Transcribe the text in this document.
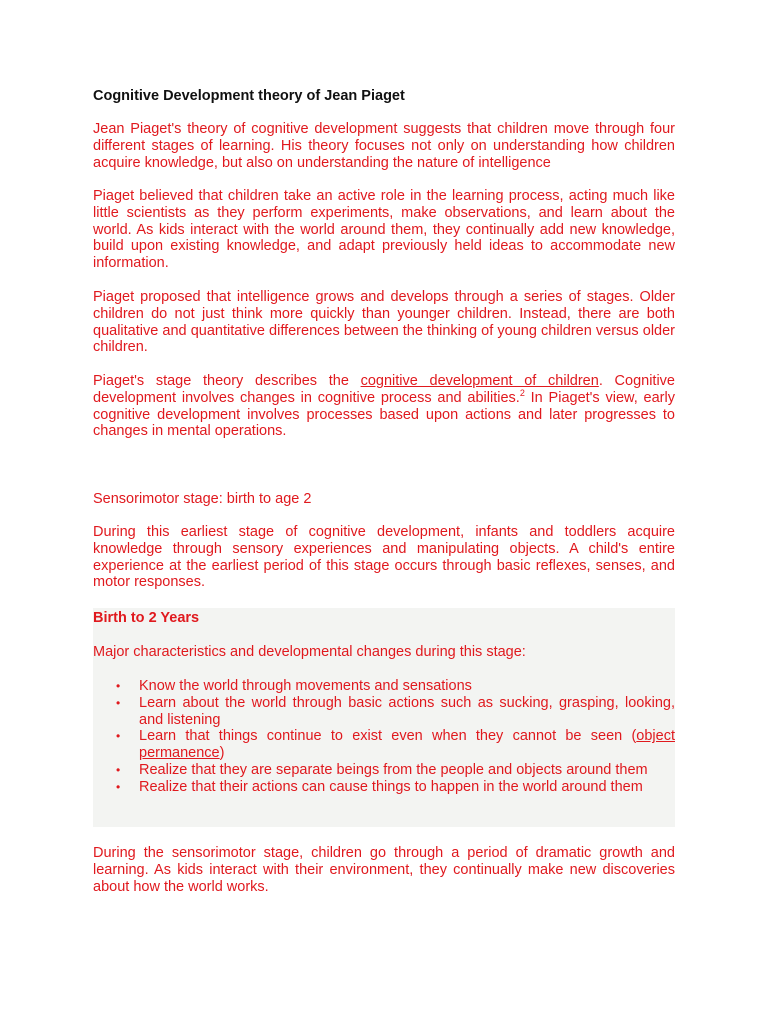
Cognitive Development theory of Jean Piaget

Jean Piaget's theory of cognitive development suggests that children move through four different stages of learning. His theory focuses not only on understanding how children acquire knowledge, but also on understanding the nature of intelligence

Piaget believed that children take an active role in the learning process, acting much like little scientists as they perform experiments, make observations, and learn about the world. As kids interact with the world around them, they continually add new knowledge, build upon existing knowledge, and adapt previously held ideas to accommodate new information.

Piaget proposed that intelligence grows and develops through a series of stages. Older children do not just think more quickly than younger children. Instead, there are both qualitative and quantitative differences between the thinking of young children versus older children.

Piaget's stage theory describes the cognitive development of children. Cognitive development involves changes in cognitive process and abilities.$^2$ In Piaget's view, early cognitive development involves processes based upon actions and later progresses to changes in mental operations.

Sensorimotor stage: birth to age 2

During this earliest stage of cognitive development, infants and toddlers acquire knowledge through sensory experiences and manipulating objects. A child's entire experience at the earliest period of this stage occurs through basic reflexes, senses, and motor responses.

Birth to 2 Years
Major characteristics and developmental changes during this stage:
• Know the world through movements and sensations
• Learn about the world through basic actions such as sucking, grasping, looking, and listening
• Learn that things continue to exist even when they cannot be seen (object permanence)
• Realize that they are separate beings from the people and objects around them
• Realize that their actions can cause things to happen in the world around them

During the sensorimotor stage, children go through a period of dramatic growth and learning. As kids interact with their environment, they continually make new discoveries about how the world works.
